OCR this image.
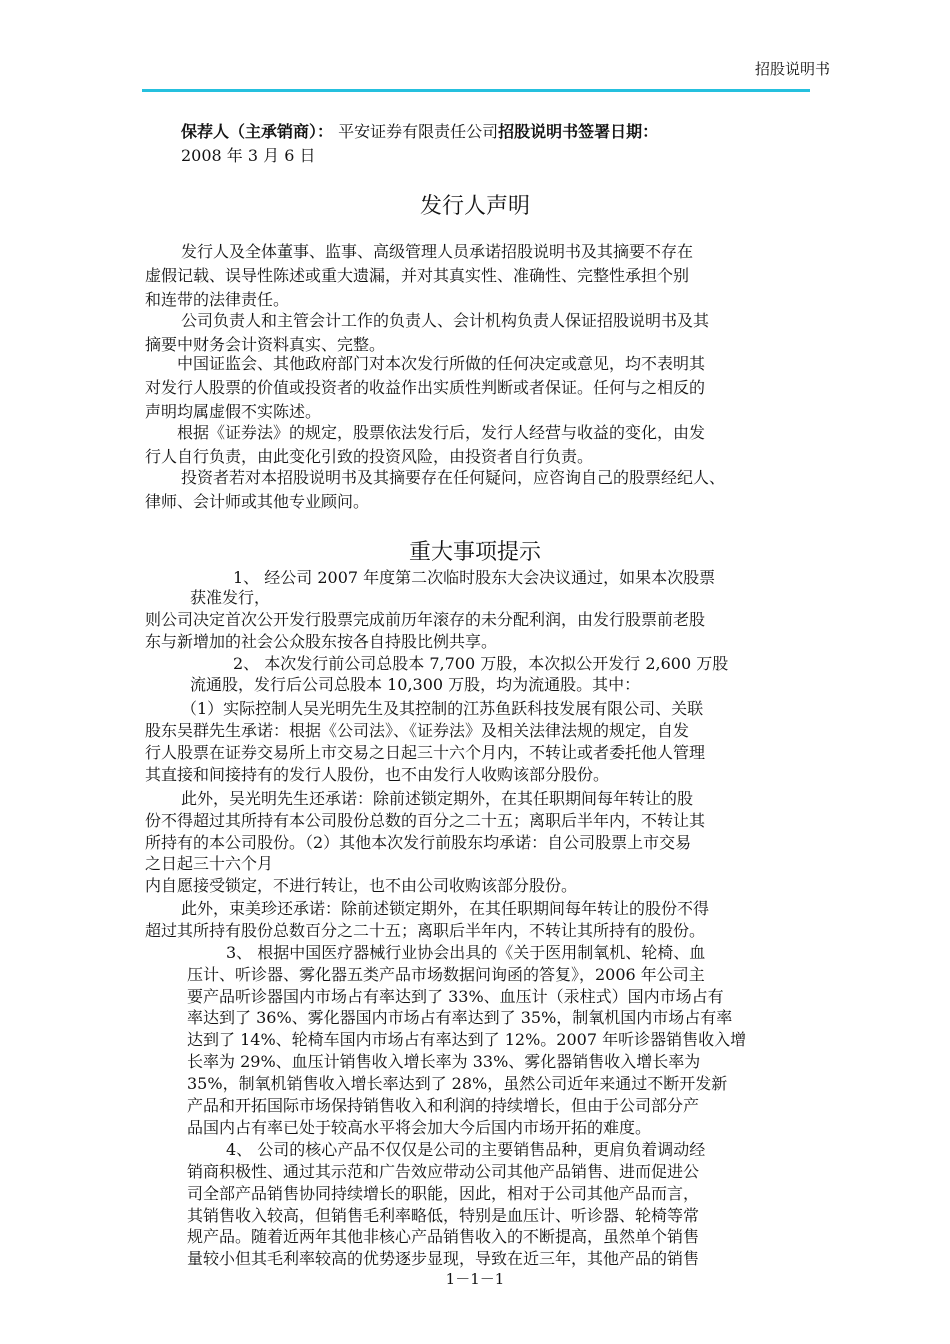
招股说明书
保荐人（主承销商）： 平安证券有限责任公司招股说明书签署日期：
2008 年 3 月 6 日
发行人声明
发行人及全体董事、监事、高级管理人员承诺招股说明书及其摘要不存在
虚假记载、误导性陈述或重大遗漏，并对其真实性、准确性、完整性承担个别
和连带的法律责任。
公司负责人和主管会计工作的负责人、会计机构负责人保证招股说明书及其
摘要中财务会计资料真实、完整。
中国证监会、其他政府部门对本次发行所做的任何决定或意见，均不表明其
对发行人股票的价值或投资者的收益作出实质性判断或者保证。任何与之相反的
声明均属虚假不实陈述。
根据《证券法》的规定，股票依法发行后，发行人经营与收益的变化，由发
行人自行负责，由此变化引致的投资风险，由投资者自行负责。
投资者若对本招股说明书及其摘要存在任何疑问，应咨询自己的股票经纪人、
律师、会计师或其他专业顾问。
重大事项提示
1、 经公司 2007 年度第二次临时股东大会决议通过，如果本次股票
获准发行，
则公司决定首次公开发行股票完成前历年滚存的未分配利润，由发行股票前老股
东与新增加的社会公众股东按各自持股比例共享。
2、 本次发行前公司总股本 7,700 万股，本次拟公开发行 2,600 万股
流通股，发行后公司总股本 10,300 万股，均为流通股。其中：
（1）实际控制人吴光明先生及其控制的江苏鱼跃科技发展有限公司、关联
股东吴群先生承诺：根据《公司法》、《证券法》及相关法律法规的规定，自发
行人股票在证券交易所上市交易之日起三十六个月内，不转让或者委托他人管理
其直接和间接持有的发行人股份，也不由发行人收购该部分股份。
此外，吴光明先生还承诺：除前述锁定期外，在其任职期间每年转让的股
份不得超过其所持有本公司股份总数的百分之二十五；离职后半年内，不转让其
所持有的本公司股份。（2）其他本次发行前股东均承诺：自公司股票上市交易
之日起三十六个月
内自愿接受锁定，不进行转让，也不由公司收购该部分股份。
此外，束美珍还承诺：除前述锁定期外，在其任职期间每年转让的股份不得
超过其所持有股份总数百分之二十五；离职后半年内，不转让其所持有的股份。
3、 根据中国医疗器械行业协会出具的《关于医用制氧机、轮椅、血
压计、听诊器、雾化器五类产品市场数据问询函的答复》，2006 年公司主
要产品听诊器国内市场占有率达到了 33%、血压计（汞柱式）国内市场占有
率达到了 36%、雾化器国内市场占有率达到了 35%，制氧机国内市场占有率
达到了 14%、轮椅车国内市场占有率达到了 12%。2007 年听诊器销售收入增
长率为 29%、血压计销售收入增长率为 33%、雾化器销售收入增长率为
35%，制氧机销售收入增长率达到了 28%，虽然公司近年来通过不断开发新
产品和开拓国际市场保持销售收入和利润的持续增长，但由于公司部分产
品国内占有率已处于较高水平将会加大今后国内市场开拓的难度。
4、 公司的核心产品不仅仅是公司的主要销售品种，更肩负着调动经
销商积极性、通过其示范和广告效应带动公司其他产品销售、进而促进公
司全部产品销售协同持续增长的职能，因此，相对于公司其他产品而言，
其销售收入较高，但销售毛利率略低，特别是血压计、听诊器、轮椅等常
规产品。随着近两年其他非核心产品销售收入的不断提高，虽然单个销售
量较小但其毛利率较高的优势逐步显现，导致在近三年，其他产品的销售
1－1－1
